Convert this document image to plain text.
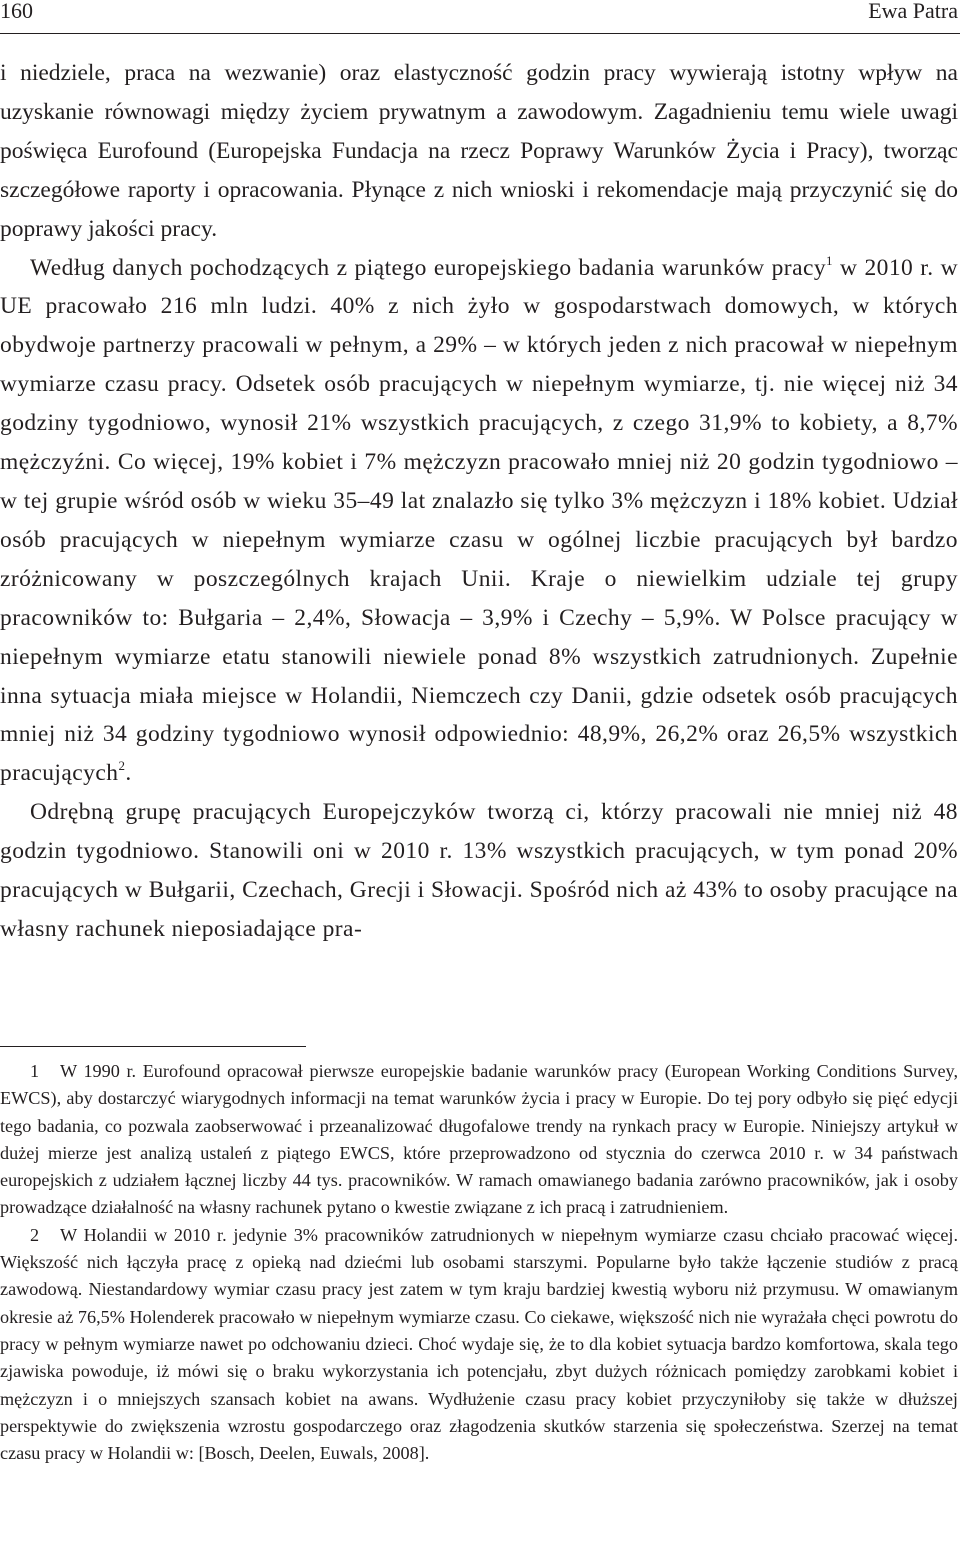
160	Ewa Patra

i niedziele, praca na wezwanie) oraz elastyczność godzin pracy wywierają istotny wpływ na uzyskanie równowagi między życiem prywatnym a zawodowym. Zagadnieniu temu wiele uwagi poświęca Eurofound (Europejska Fundacja na rzecz Poprawy Warunków Życia i Pracy), tworząc szczegółowe raporty i opracowania. Płynące z nich wnioski i rekomendacje mają przyczynić się do poprawy jakości pracy.

Według danych pochodzących z piątego europejskiego badania warunków pracy$^1$ w 2010 r. w UE pracowało 216 mln ludzi. 40% z nich żyło w gospodarstwach domowych, w których obydwoje partnerzy pracowali w pełnym, a 29% – w których jeden z nich pracował w niepełnym wymiarze czasu pracy. Odsetek osób pracujących w niepełnym wymiarze, tj. nie więcej niż 34 godziny tygodniowo, wynosił 21% wszystkich pracujących, z czego 31,9% to kobiety, a 8,7% mężczyźni. Co więcej, 19% kobiet i 7% mężczyzn pracowało mniej niż 20 godzin tygodniowo – w tej grupie wśród osób w wieku 35–49 lat znalazło się tylko 3% mężczyzn i 18% kobiet. Udział osób pracujących w niepełnym wymiarze czasu w ogólnej liczbie pracujących był bardzo zróżnicowany w poszczególnych krajach Unii. Kraje o niewielkim udziale tej grupy pracowników to: Bułgaria – 2,4%, Słowacja – 3,9% i Czechy – 5,9%. W Polsce pracujący w niepełnym wymiarze etatu stanowili niewiele ponad 8% wszystkich zatrudnionych. Zupełnie inna sytuacja miała miejsce w Holandii, Niemczech czy Danii, gdzie odsetek osób pracujących mniej niż 34 godziny tygodniowo wynosił odpowiednio: 48,9%, 26,2% oraz 26,5% wszystkich pracujących$^2$.

Odrębną grupę pracujących Europejczyków tworzą ci, którzy pracowali nie mniej niż 48 godzin tygodniowo. Stanowili oni w 2010 r. 13% wszystkich pracujących, w tym ponad 20% pracujących w Bułgarii, Czechach, Grecji i Słowacji. Spośród nich aż 43% to osoby pracujące na własny rachunek nieposiadające pra-

1 W 1990 r. Eurofound opracował pierwsze europejskie badanie warunków pracy (European Working Conditions Survey, EWCS), aby dostarczyć wiarygodnych informacji na temat warunków życia i pracy w Europie. Do tej pory odbyło się pięć edycji tego badania, co pozwala zaobserwować i przeanalizować długofalowe trendy na rynkach pracy w Europie. Niniejszy artykuł w dużej mierze jest analizą ustaleń z piątego EWCS, które przeprowadzono od stycznia do czerwca 2010 r. w 34 państwach europejskich z udziałem łącznej liczby 44 tys. pracowników. W ramach omawianego badania zarówno pracowników, jak i osoby prowadzące działalność na własny rachunek pytano o kwestie związane z ich pracą i zatrudnieniem.

2 W Holandii w 2010 r. jedynie 3% pracowników zatrudnionych w niepełnym wymiarze czasu chciało pracować więcej. Większość nich łączyła pracę z opieką nad dziećmi lub osobami starszymi. Popularne było także łączenie studiów z pracą zawodową. Niestandardowy wymiar czasu pracy jest zatem w tym kraju bardziej kwestią wyboru niż przymusu. W omawianym okresie aż 76,5% Holenderek pracowało w niepełnym wymiarze czasu. Co ciekawe, większość nich nie wyrażała chęci powrotu do pracy w pełnym wymiarze nawet po odchowaniu dzieci. Choć wydaje się, że to dla kobiet sytuacja bardzo komfortowa, skala tego zjawiska powoduje, iż mówi się o braku wykorzystania ich potencjału, zbyt dużych różnicach pomiędzy zarobkami kobiet i mężczyzn i o mniejszych szansach kobiet na awans. Wydłużenie czasu pracy kobiet przyczyniłoby się także w dłuższej perspektywie do zwiększenia wzrostu gospodarczego oraz złagodzenia skutków starzenia się społeczeństwa. Szerzej na temat czasu pracy w Holandii w: [Bosch, Deelen, Euwals, 2008].
